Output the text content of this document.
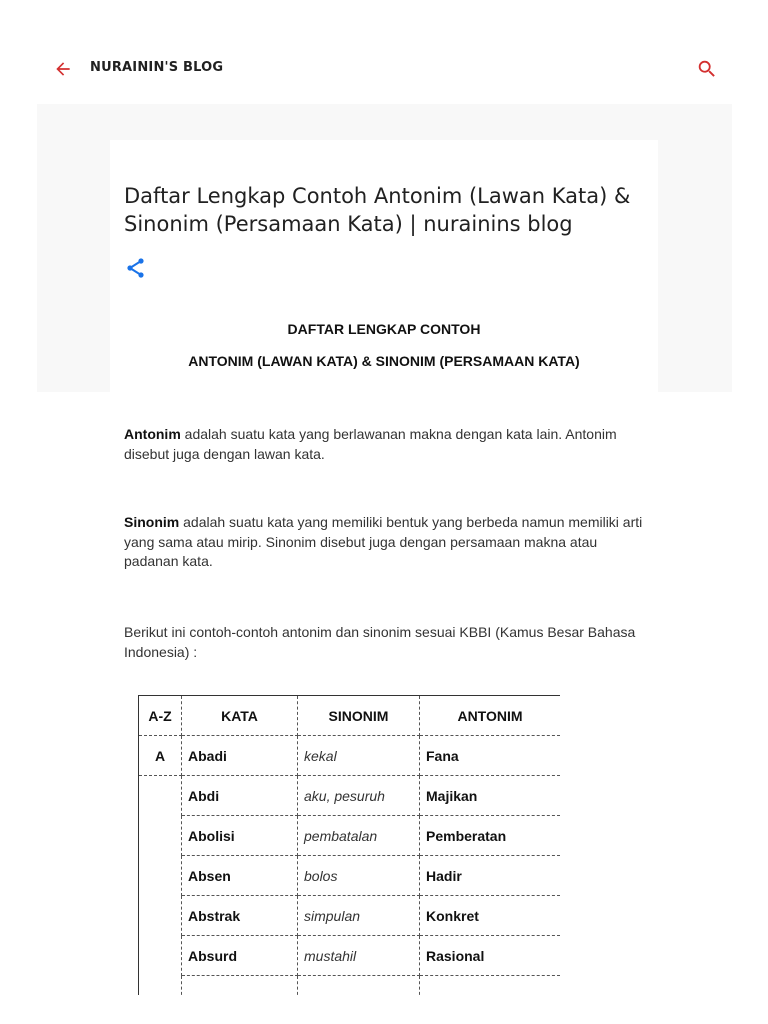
NURAININ'S BLOG
Daftar Lengkap Contoh Antonim (Lawan Kata) & Sinonim (Persamaan Kata) | nurainins blog
DAFTAR LENGKAP CONTOH
ANTONIM (LAWAN KATA) & SINONIM (PERSAMAAN KATA)

Antonim adalah suatu kata yang berlawanan makna dengan kata lain. Antonim disebut juga dengan lawan kata.

Sinonim adalah suatu kata yang memiliki bentuk yang berbeda namun memiliki arti yang sama atau mirip. Sinonim disebut juga dengan persamaan makna atau padanan kata.

Berikut ini contoh-contoh antonim dan sinonim sesuai KBBI (Kamus Besar Bahasa Indonesia) :

A-Z	KATA	SINONIM	ANTONIM
A	Abadi	kekal	Fana
	Abdi	aku, pesuruh	Majikan
	Abolisi	pembatalan	Pemberatan
	Absen	bolos	Hadir
	Abstrak	simpulan	Konkret
	Absurd	mustahil	Rasional
